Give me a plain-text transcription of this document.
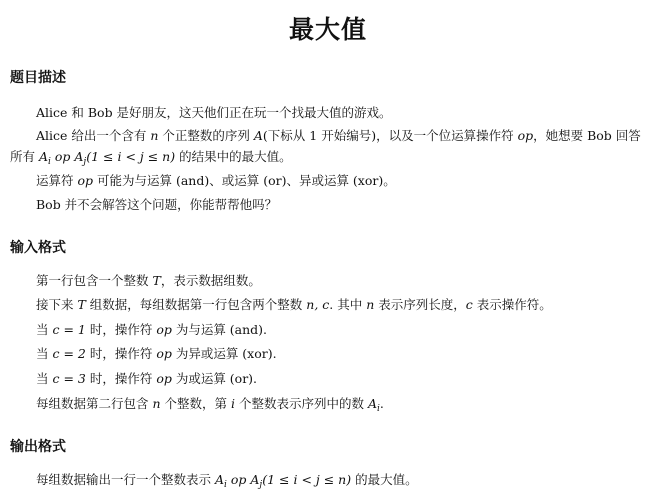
最大值
题目描述
Alice 和 Bob 是好朋友，这天他们正在玩一个找最大值的游戏。
Alice 给出一个含有 n 个正整数的序列 A(下标从 1 开始编号)，以及一个位运算操作符 op，她想要 Bob 回答所有 $A_i$ op $A_j(1 \le i < j \le n)$ 的结果中的最大值。
运算符 op 可能为与运算 (and)、或运算 (or)、异或运算 (xor)。
Bob 并不会解答这个问题，你能帮帮他吗？
输入格式
第一行包含一个整数 T，表示数据组数。
接下来 T 组数据，每组数据第一行包含两个整数 n, c. 其中 n 表示序列长度，c 表示操作符。
当 c = 1 时，操作符 op 为与运算 (and).
当 c = 2 时，操作符 op 为异或运算 (xor).
当 c = 3 时，操作符 op 为或运算 (or).
每组数据第二行包含 n 个整数，第 i 个整数表示序列中的数 $A_i$.
输出格式
每组数据输出一行一个整数表示 $A_i$ op $A_j(1 \le i < j \le n)$ 的最大值。
